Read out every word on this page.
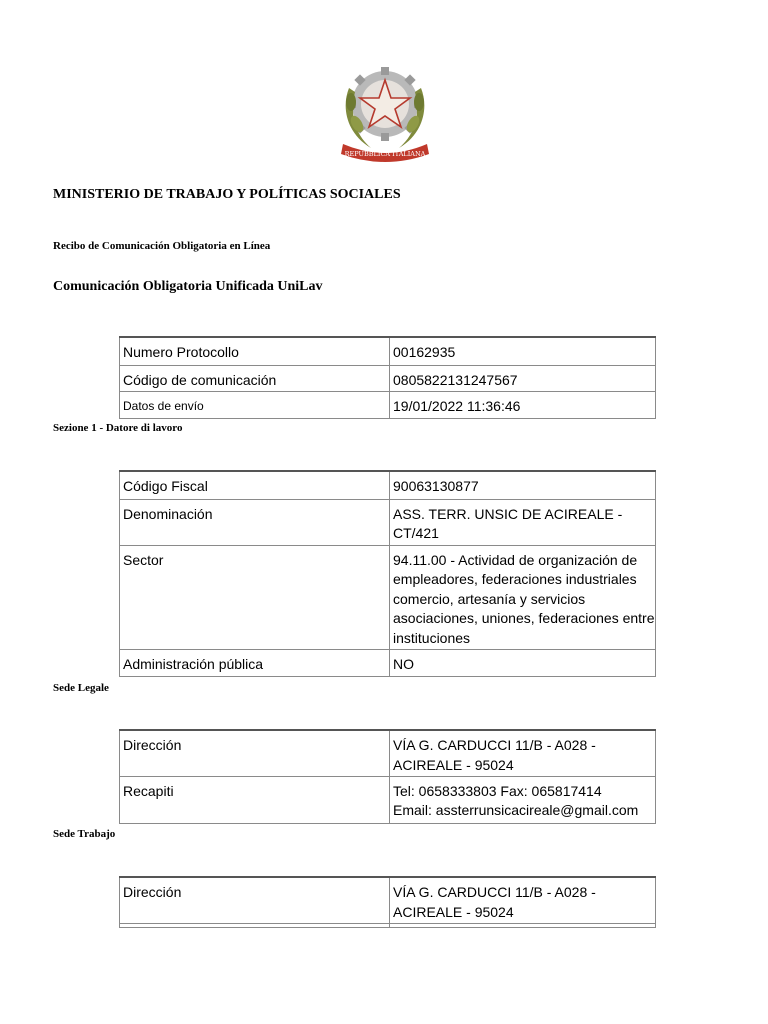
REPUBBLICA ITALIANA
MINISTERIO DE TRABAJO Y POLÍTICAS SOCIALES
Recibo de Comunicación Obligatoria en Línea
Comunicación Obligatoria Unificada UniLav
Numero Protocollo	00162935
Código de comunicación	0805822131247567
Datos de envío	19/01/2022 11:36:46
Sezione 1 - Datore di lavoro
Código Fiscal	90063130877
Denominación	ASS. TERR. UNSIC DE ACIREALE - CT/421
Sector	94.11.00 - Actividad de organización de empleadores, federaciones industriales comercio, artesanía y servicios asociaciones, uniones, federaciones entre instituciones
Administración pública	NO
Sede Legale
Dirección	VÍA G. CARDUCCI 11/B - A028 - ACIREALE - 95024
Recapiti	Tel: 0658333803 Fax: 065817414
Email: assterrunsicacireale@gmail.com
Sede Trabajo
Dirección	VÍA G. CARDUCCI 11/B - A028 - ACIREALE - 95024
